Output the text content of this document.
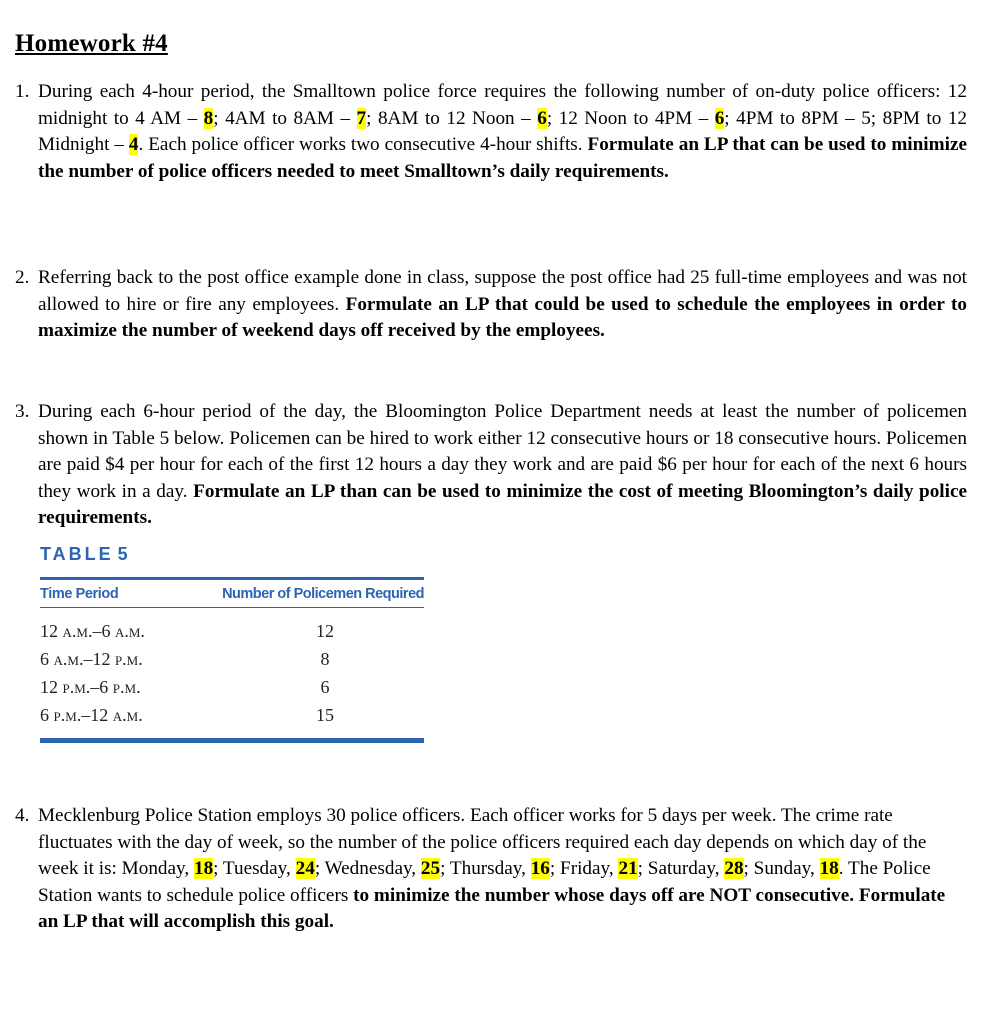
Homework #4
1. During each 4-hour period, the Smalltown police force requires the following number of on-duty police officers: 12 midnight to 4 AM – 8; 4AM to 8AM – 7; 8AM to 12 Noon – 6; 12 Noon to 4PM – 6; 4PM to 8PM – 5; 8PM to 12 Midnight – 4. Each police officer works two consecutive 4-hour shifts. Formulate an LP that can be used to minimize the number of police officers needed to meet Smalltown’s daily requirements.
2. Referring back to the post office example done in class, suppose the post office had 25 full-time employees and was not allowed to hire or fire any employees. Formulate an LP that could be used to schedule the employees in order to maximize the number of weekend days off received by the employees.
3. During each 6-hour period of the day, the Bloomington Police Department needs at least the number of policemen shown in Table 5 below. Policemen can be hired to work either 12 consecutive hours or 18 consecutive hours. Policemen are paid $4 per hour for each of the first 12 hours a day they work and are paid $6 per hour for each of the next 6 hours they work in a day. Formulate an LP than can be used to minimize the cost of meeting Bloomington’s daily police requirements.
TABLE 5
Time Period	Number of Policemen Required
12 a.m.–6 a.m.	12
6 a.m.–12 p.m.	8
12 p.m.–6 p.m.	6
6 p.m.–12 a.m.	15
4. Mecklenburg Police Station employs 30 police officers. Each officer works for 5 days per week. The crime rate fluctuates with the day of week, so the number of the police officers required each day depends on which day of the week it is: Monday, 18; Tuesday, 24; Wednesday, 25; Thursday, 16; Friday, 21; Saturday, 28; Sunday, 18. The Police Station wants to schedule police officers to minimize the number whose days off are NOT consecutive. Formulate an LP that will accomplish this goal.
